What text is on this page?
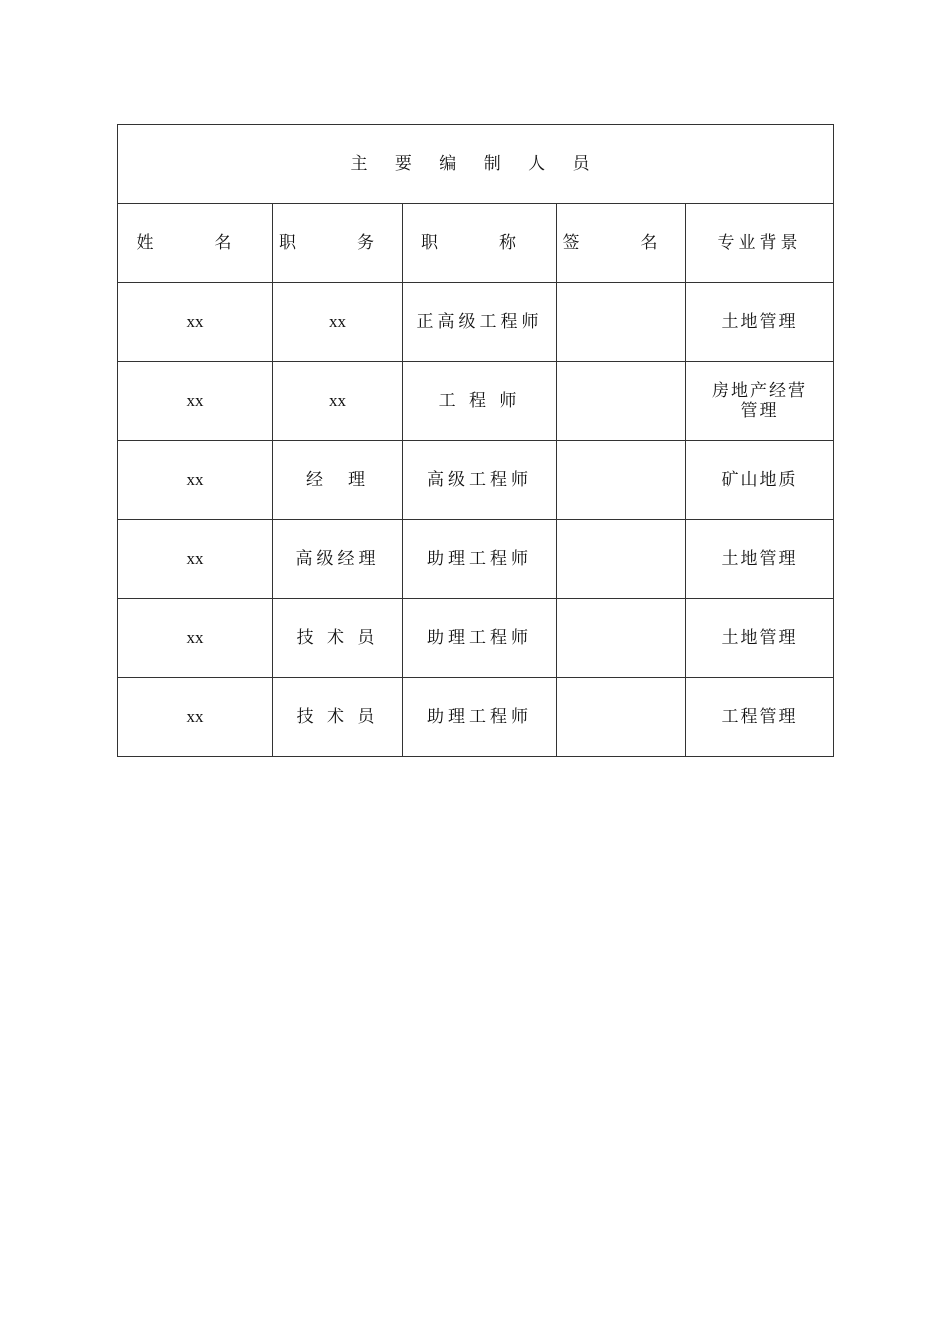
主 要 编 制 人 员				
姓　名	职　务	职　称	签　名	专业背景
xx	xx	正高级工程师		土地管理
xx	xx	工 程 师		房地产经营管理
xx	经　理	高级工程师		矿山地质
xx	高级经理	助理工程师		土地管理
xx	技 术 员	助理工程师		土地管理
xx	技 术 员	助理工程师		工程管理
